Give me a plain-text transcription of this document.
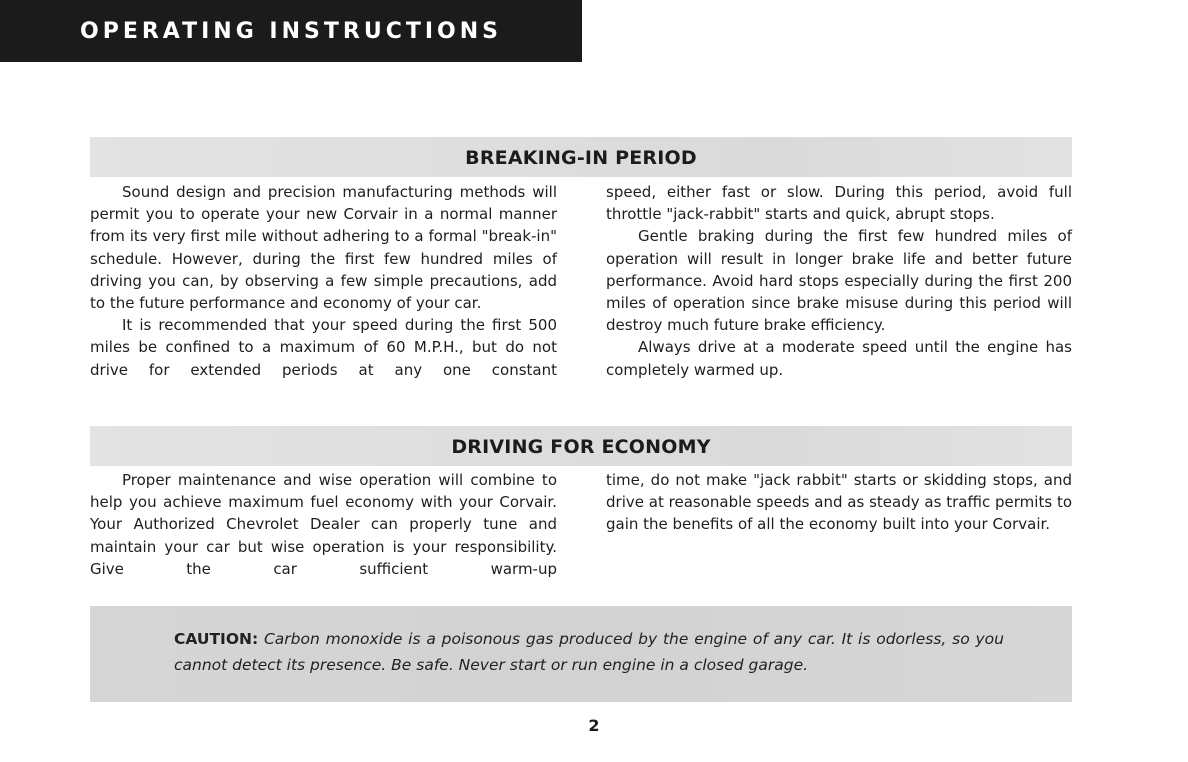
OPERATING INSTRUCTIONS
BREAKING-IN PERIOD

Sound design and precision manufacturing methods will permit you to operate your new Corvair in a normal manner from its very first mile without adhering to a formal "break-in" schedule. However, during the first few hundred miles of driving you can, by observing a few simple precautions, add to the future performance and economy of your car.

It is recommended that your speed during the first 500 miles be confined to a maximum of 60 M.P.H., but do not drive for extended periods at any one constant

speed, either fast or slow. During this period, avoid full throttle "jack-rabbit" starts and quick, abrupt stops.

Gentle braking during the first few hundred miles of operation will result in longer brake life and better future performance. Avoid hard stops especially during the first 200 miles of operation since brake misuse during this period will destroy much future brake efficiency.

Always drive at a moderate speed until the engine has completely warmed up.

DRIVING FOR ECONOMY

Proper maintenance and wise operation will combine to help you achieve maximum fuel economy with your Corvair. Your Authorized Chevrolet Dealer can properly tune and maintain your car but wise operation is your responsibility. Give the car sufficient warm-up

time, do not make "jack rabbit" starts or skidding stops, and drive at reasonable speeds and as steady as traffic permits to gain the benefits of all the economy built into your Corvair.

CAUTION: Carbon monoxide is a poisonous gas produced by the engine of any car. It is odorless, so you cannot detect its presence. Be safe. Never start or run engine in a closed garage.
2
